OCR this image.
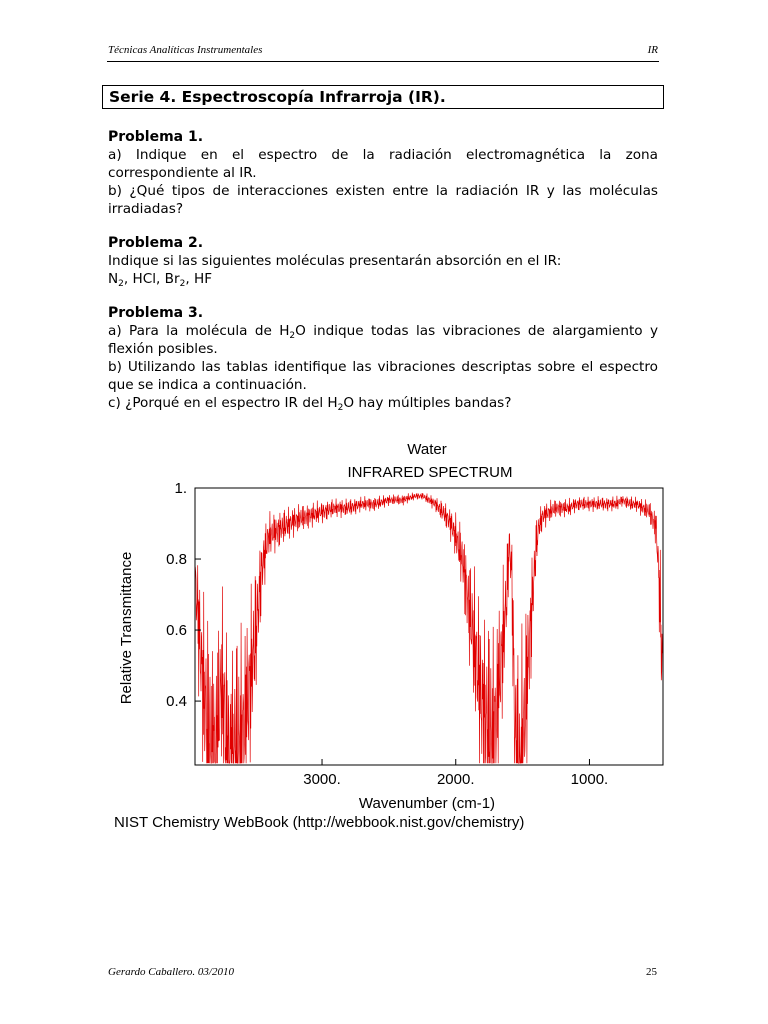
Técnicas Analíticas Instrumentales	IR
Serie 4. Espectroscopía Infrarroja (IR).

Problema 1.

a) Indique en el espectro de la radiación electromagnética la zona

correspondiente al IR.

b) ¿Qué tipos de interacciones existen entre la radiación IR y las moléculas

irradiadas?

Problema 2.

Indique si las siguientes moléculas presentarán absorción en el IR:

$N_2$, HCl, $Br_2$, HF

Problema 3.

a) Para la molécula de $H_2O$ indique todas las vibraciones de alargamiento y

flexión posibles.

b) Utilizando las tablas identifique las vibraciones descriptas sobre el espectro

que se indica a continuación.

c) ¿Porqué en el espectro IR del $H_2O$ hay múltiples bandas?

Water
INFRARED SPECTRUM
3000.	2000.	1000.
1.
0.8
0.6
0.4
Wavenumber (cm-1)
Relative Transmittance
NIST Chemistry WebBook (http://webbook.nist.gov/chemistry)
Gerardo Caballero. 03/2010	25
